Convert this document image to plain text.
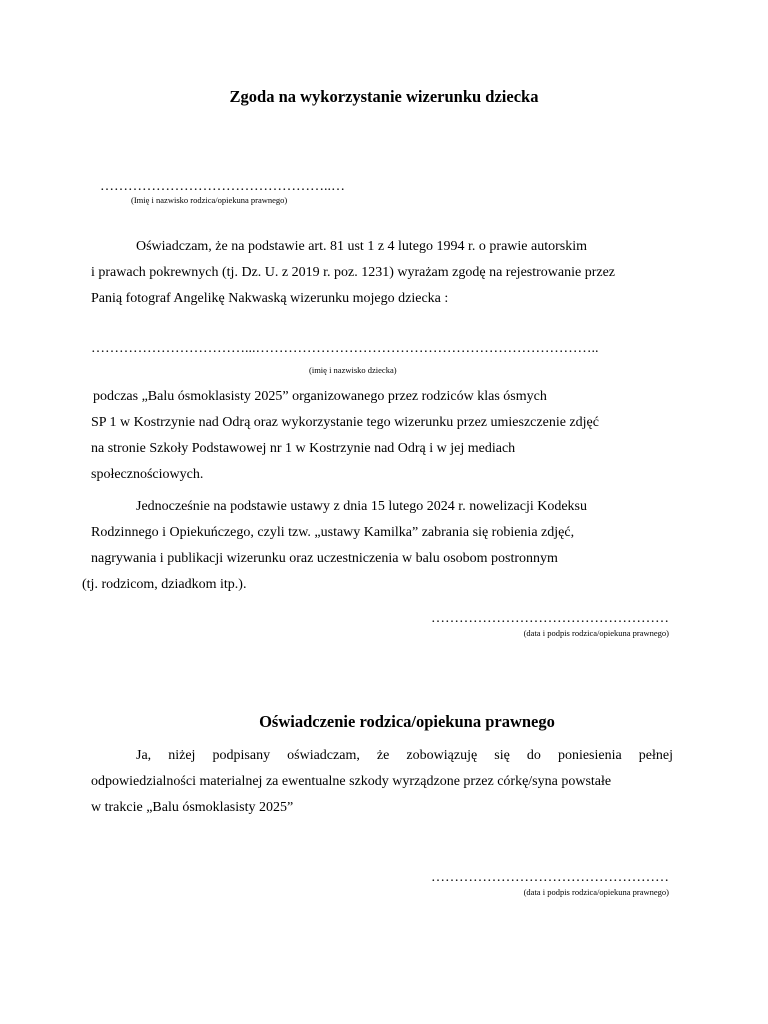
Zgoda na wykorzystanie wizerunku dziecka
…………………………………………..…
(Imię i nazwisko rodzica/opiekuna prawnego)
Oświadczam, że na podstawie art. 81 ust 1 z 4 lutego 1994 r. o prawie autorskim
i prawach pokrewnych (tj. Dz. U. z 2019 r. poz. 1231) wyrażam zgodę na rejestrowanie przez
Panią fotograf Angelikę Nakwaską wizerunku mojego dziecka :
……………………………...………………………………………………………………..
(imię i nazwisko dziecka)
podczas „Balu ósmoklasisty 2025” organizowanego przez rodziców klas ósmych
SP 1 w Kostrzynie nad Odrą oraz wykorzystanie tego wizerunku przez umieszczenie zdjęć
na stronie Szkoły Podstawowej nr 1 w Kostrzynie nad Odrą i w jej mediach
społecznościowych.
Jednocześnie na podstawie ustawy z dnia 15 lutego 2024 r. nowelizacji Kodeksu
Rodzinnego i Opiekuńczego, czyli tzw. „ustawy Kamilka” zabrania się robienia zdjęć,
nagrywania i publikacji wizerunku oraz uczestniczenia w balu osobom postronnym
(tj. rodzicom, dziadkom itp.).
……………………………………………
(data i podpis rodzica/opiekuna prawnego)
Oświadczenie rodzica/opiekuna prawnego
Ja, niżej podpisany oświadczam, że zobowiązuję się do poniesienia pełnej
odpowiedzialności materialnej za ewentualne szkody wyrządzone przez córkę/syna powstałe
w trakcie „Balu ósmoklasisty 2025”
……………………………………………
(data i podpis rodzica/opiekuna prawnego)
